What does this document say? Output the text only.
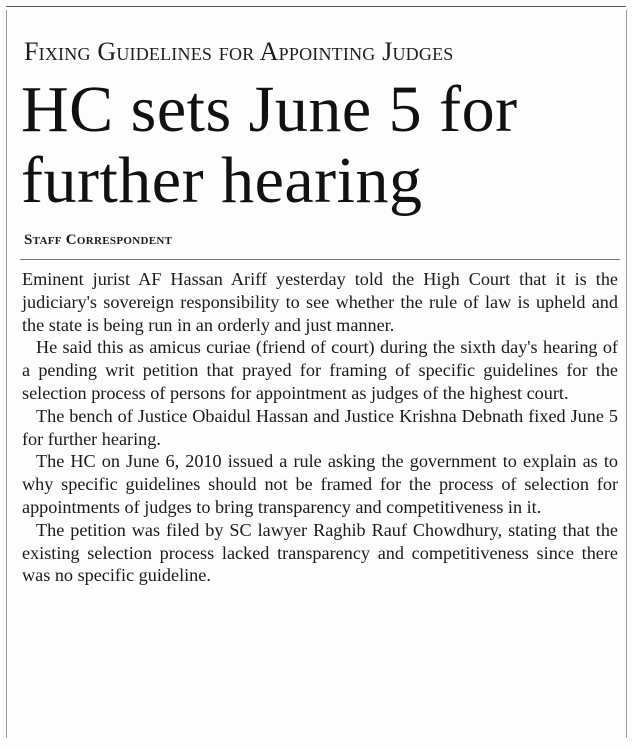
Fixing Guidelines for Appointing Judges
HC sets June 5 for further hearing
Staff Correspondent

Eminent jurist AF Hassan Ariff yesterday told the High Court that it is the judiciary's sovereign responsibility to see whether the rule of law is upheld and the state is being run in an orderly and just manner.

He said this as amicus curiae (friend of court) during the sixth day's hearing of a pending writ petition that prayed for framing of specific guidelines for the selection process of persons for appointment as judges of the highest court.

The bench of Justice Obaidul Hassan and Justice Krishna Debnath fixed June 5 for further hearing.

The HC on June 6, 2010 issued a rule asking the government to explain as to why specific guidelines should not be framed for the process of selection for appointments of judges to bring transparency and competitiveness in it.

The petition was filed by SC lawyer Raghib Rauf Chowdhury, stating that the existing selection process lacked transparency and competitiveness since there was no specific guideline.
